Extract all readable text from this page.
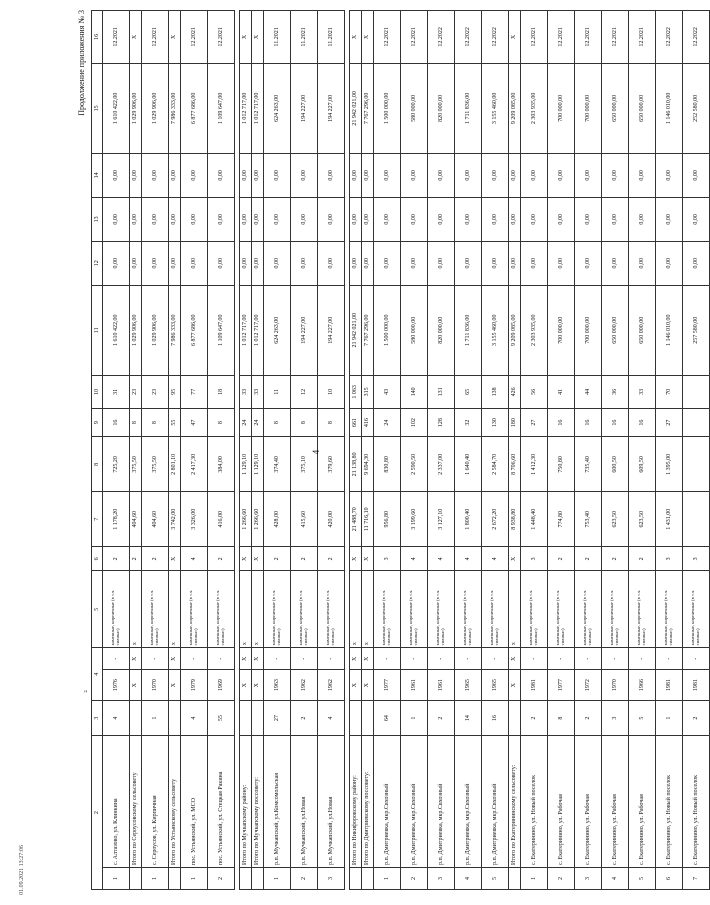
Продолжение приложения № 3
2		3	4		5	6	7	8	9	10	11	12	13	14	15	16
1	с. Алтазово, ул. Клинкина	4	1976	-	каменные, кирпичные (в т.ч. силикат)	2	1 178,20	725,20	16	31	1 610 422,00	0,00	0,00	0,00	1 610 422,00	12.2021
	Итого по Сероусовскому сельсовету		X	X	X	2	404,60	375,50	8	23	1 029 906,00	0,00	0,00	0,00	1 029 906,00	X
1	с. Сероусов, ул. Кирпичная	1	1970	-	каменные, кирпичные (в т.ч. силикат)	2	404,60	375,50	8	23	1 029 906,00	0,00	0,00	0,00	1 029 906,00	12.2021
	Итого по Устьянскому сельсовету		X	X	X	X	3 742,00	2 801,10	55	95	7 986 333,00	0,00	0,00	0,00	7 986 333,00	X
1	пос. Устьянский, ул. МСО	4	1979	-	каменные, кирпичные (в т.ч. силикат)	4	3 326,00	2 417,30	47	77	6 877 686,00	0,00	0,00	0,00	6 877 686,00	12.2021
2	пос. Устьянский, ул. Стецкая Ракина	55	1969	-	каменные, кирпичные (в т.ч. силикат)	2	416,00	384,00	8	18	1 109 647,00	0,00	0,00	0,00	1 109 647,00	12.2021

	Итого по Мучкапскому району:		X	X	X	X	1 266,60	1 129,10	24	33	1 012 717,00	0,00	0,00	0,00	1 012 717,00	X
	Итого по Мучкапскому поссовету:		X	X	X	X	1 266,60	1 129,10	24	33	1 012 717,00	0,00	0,00	0,00	1 012 717,00	X
1	р.п. Мучкапский, ул.Комсомольская	27	1963	-	каменные, кирпичные (в т.ч. силикат)	2	428,00	374,40	8	11	624 263,00	0,00	0,00	0,00	624 263,00	11.2021
2	р.п. Мучкапский, ул.Новая	2	1962	-	каменные, кирпичные (в т.ч. силикат)	2	415,60	375,10	8	12	194 227,00	0,00	0,00	0,00	194 227,00	11.2021
3	р.п. Мучкапский, ул.Новая	4	1962	-	каменные, кирпичные (в т.ч. силикат)	2	420,00	379,60	8	10	194 227,00	0,00	0,00	0,00	194 227,00	11.2021

	Итого по Никифоровскому району:		X	X	X	X	21 488,70	21 138,80	661	1 063	21 942 021,00	0,00	0,00	0,00	21 942 021,00	X
	Итого по Дмитриевскому поссовету:		X	X	X	X	11 716,10	9 694,30	416	315	7 767 296,00	0,00	0,00	0,00	7 767 296,00	X
1	р.п. Дмитриевка, мкр.Свхозный	64	1977	-	каменные, кирпичные (в т.ч. силикат)	3	956,80	830,80	24	43	1 500 000,00	0,00	0,00	0,00	1 500 000,00	12.2021
2	р.п. Дмитриевка, мкр.Свхозный	1	1961	-	каменные, кирпичные (в т.ч. силикат)	4	3 199,60	2 590,50	102	140	580 000,00	0,00	0,00	0,00	580 000,00	12.2021
3	р.п. Дмитриевка, мкр.Свхозный	2	1961	-	каменные, кирпичные (в т.ч. силикат)	4	3 127,10	2 337,00	128	131	820 000,00	0,00	0,00	0,00	820 000,00	12.2022
4	р.п. Дмитриевка, мкр.Свхозный	14	1965	-	каменные, кирпичные (в т.ч. силикат)	4	1 800,40	1 640,40	32	65	1 711 836,00	0,00	0,00	0,00	1 711 836,00	12.2022
5	р.п. Дмитриевка, мкр.Свхозный	16	1965	-	каменные, кирпичные (в т.ч. силикат)	4	2 672,20	2 584,70	130	138	3 155 460,00	0,00	0,00	0,00	3 155 460,00	12.2022
	Итого по Екатерининскому сельсовету:		X	X	X	X	8 938,80	8 706,60	180	426	9 209 085,00	0,00	0,00	0,00	9 209 085,00	X
1	с. Екатеринино, ул. Новый поселок	2	1981	-	каменные, кирпичные (в т.ч. силикат)	3	1 448,40	1 412,30	27	56	2 303 935,00	0,00	0,00	0,00	2 303 935,00	12.2021
2	с. Екатеринино, ул. Рабочая	8	1977	-	каменные, кирпичные (в т.ч. силикат)	2	774,80	750,80	16	41	700 000,00	0,00	0,00	0,00	700 000,00	12.2021
3	с. Екатеринино, ул. Рабочая	2	1972	-	каменные, кирпичные (в т.ч. силикат)	2	753,40	735,40	16	44	700 000,00	0,00	0,00	0,00	700 000,00	12.2021
4	с. Екатеринино, ул. Рабочая	3	1970	-	каменные, кирпичные (в т.ч. силикат)	2	623,50	600,50	16	36	650 000,00	0,00	0,00	0,00	650 000,00	12.2021
5	с. Екатеринино, ул. Рабочая	5	1966	-	каменные, кирпичные (в т.ч. силикат)	2	623,50	609,50	16	33	650 000,00	0,00	0,00	0,00	650 000,00	12.2021
6	с. Екатеринино, ул. Новый поселок	1	1981	-	каменные, кирпичные (в т.ч. силикат)	3	1 431,00	1 395,00	27	70	1 146 010,00	0,00	0,00	0,00	1 146 010,00	12.2022
7	с. Екатеринино, ул. Новый поселок	2	1981	-	каменные, кирпичные (в т.ч. силикат)	3					257 580,00	0,00	0,00	0,00	252 580,00	12.2022
4
"
01.09.2021 13:27:06
